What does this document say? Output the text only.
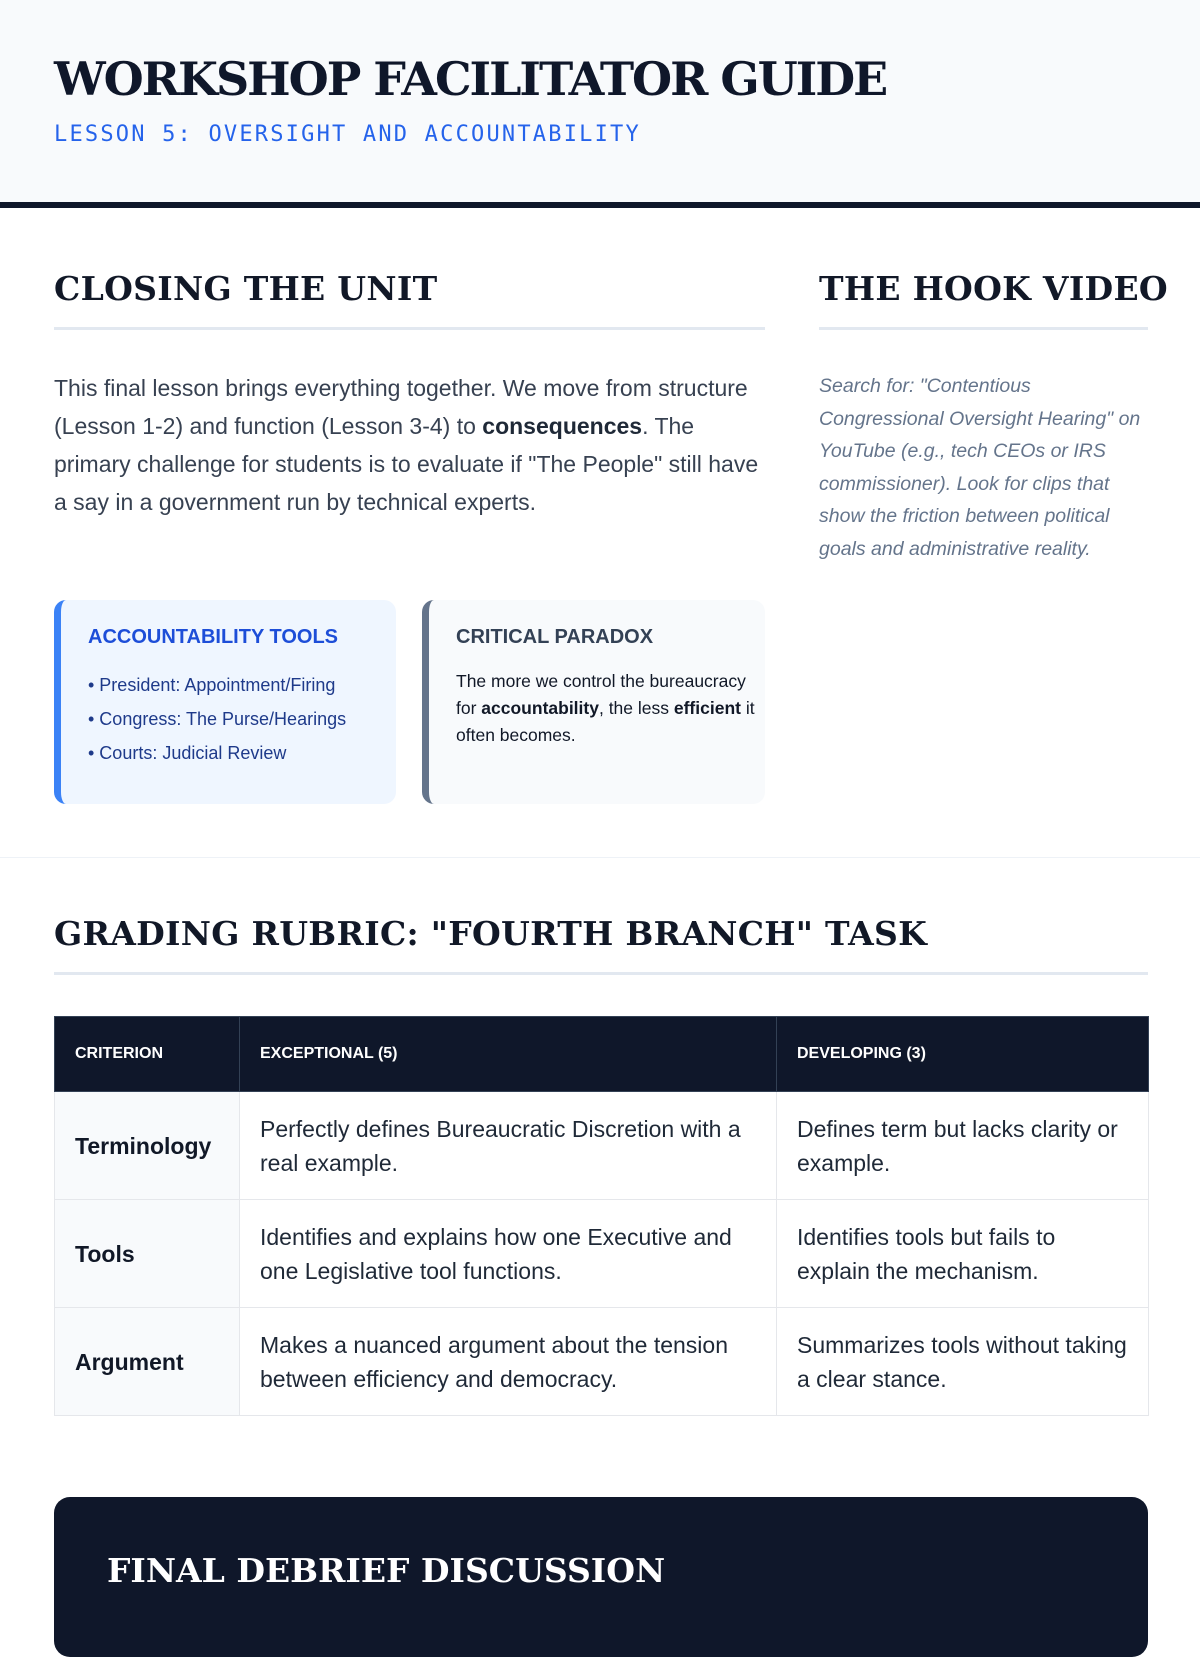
WORKSHOP FACILITATOR GUIDE
LESSON 5: OVERSIGHT AND ACCOUNTABILITY
CLOSING THE UNIT

This final lesson brings everything together. We move from structure (Lesson 1-2) and function (Lesson 3-4) to consequences. The primary challenge for students is to evaluate if "The People" still have a say in a government run by technical experts.

ACCOUNTABILITY TOOLS
• President: Appointment/Firing
• Congress: The Purse/Hearings
• Courts: Judicial Review
CRITICAL PARADOX

The more we control the bureaucracy for accountability, the less efficient it often becomes.

THE HOOK VIDEO

Search for: "Contentious Congressional Oversight Hearing" on YouTube (e.g., tech CEOs or IRS commissioner). Look for clips that show the friction between political goals and administrative reality.

GRADING RUBRIC: "FOURTH BRANCH" TASK
CRITERION	EXCEPTIONAL (5)	DEVELOPING (3)
Terminology	Perfectly defines Bureaucratic Discretion with a real example.	Defines term but lacks clarity or example.
Tools	Identifies and explains how one Executive and one Legislative tool functions.	Identifies tools but fails to explain the mechanism.
Argument	Makes a nuanced argument about the tension between efficiency and democracy.	Summarizes tools without taking a clear stance.
FINAL DEBRIEF DISCUSSION
